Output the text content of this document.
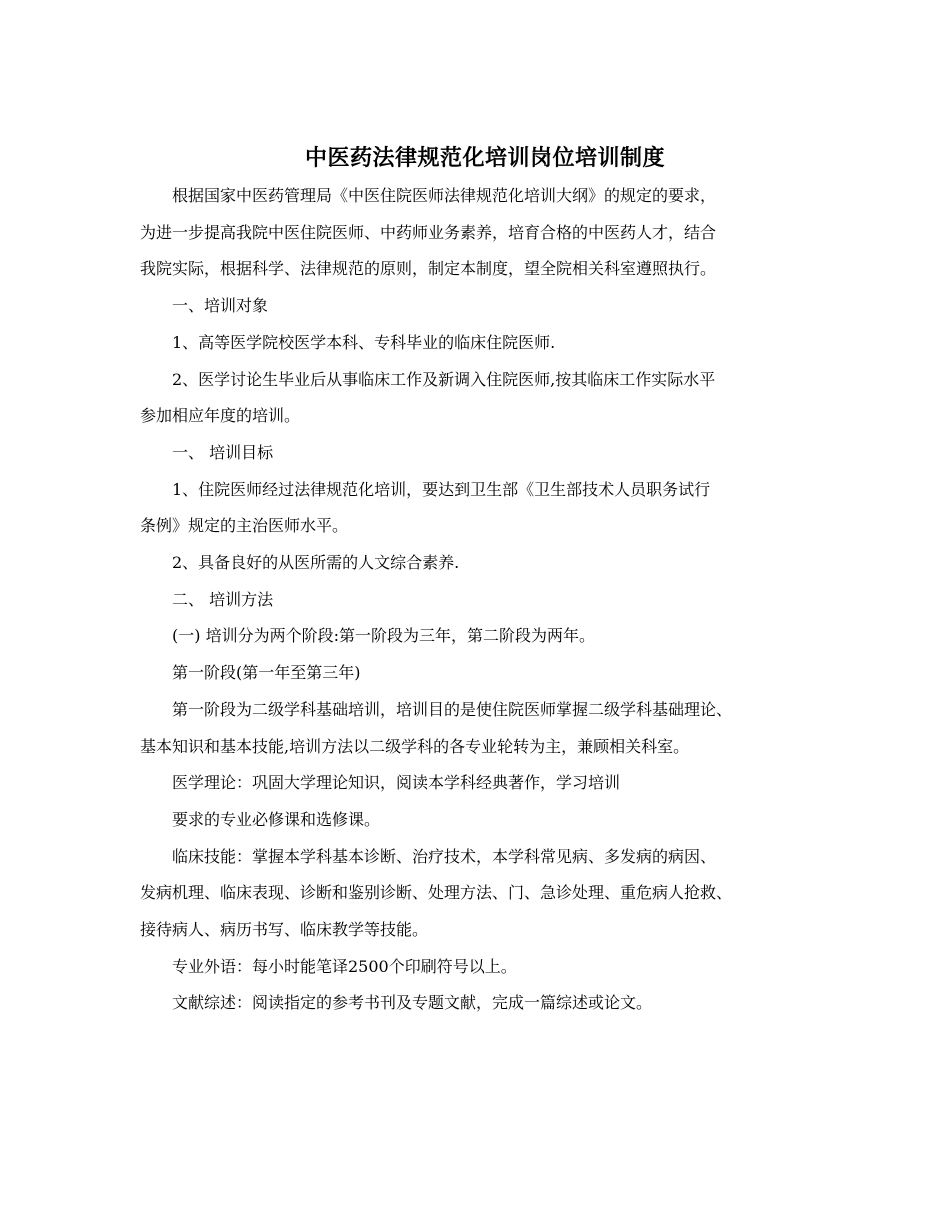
中医药法律规范化培训岗位培训制度

根据国家中医药管理局《中医住院医师法律规范化培训大纲》的规定的要求，

为进一步提高我院中医住院医师、中药师业务素养，培育合格的中医药人才，结合

我院实际，根据科学、法律规范的原则，制定本制度，望全院相关科室遵照执行。

一、培训对象

1、高等医学院校医学本科、专科毕业的临床住院医师.

2、医学讨论生毕业后从事临床工作及新调入住院医师,按其临床工作实际水平

参加相应年度的培训。

一、 培训目标

1、住院医师经过法律规范化培训，要达到卫生部《卫生部技术人员职务试行

条例》规定的主治医师水平。

2、具备良好的从医所需的人文综合素养.

二、 培训方法

(一) 培训分为两个阶段:第一阶段为三年，第二阶段为两年。

第一阶段(第一年至第三年)

第一阶段为二级学科基础培训，培训目的是使住院医师掌握二级学科基础理论、

基本知识和基本技能,培训方法以二级学科的各专业轮转为主，兼顾相关科室。

医学理论：巩固大学理论知识，阅读本学科经典著作，学习培训

要求的专业必修课和选修课。

临床技能：掌握本学科基本诊断、治疗技术，本学科常见病、多发病的病因、

发病机理、临床表现、诊断和鉴别诊断、处理方法、门、急诊处理、重危病人抢救、

接待病人、病历书写、临床教学等技能。

专业外语：每小时能笔译2500个印刷符号以上。

文献综述：阅读指定的参考书刊及专题文献，完成一篇综述或论文。
